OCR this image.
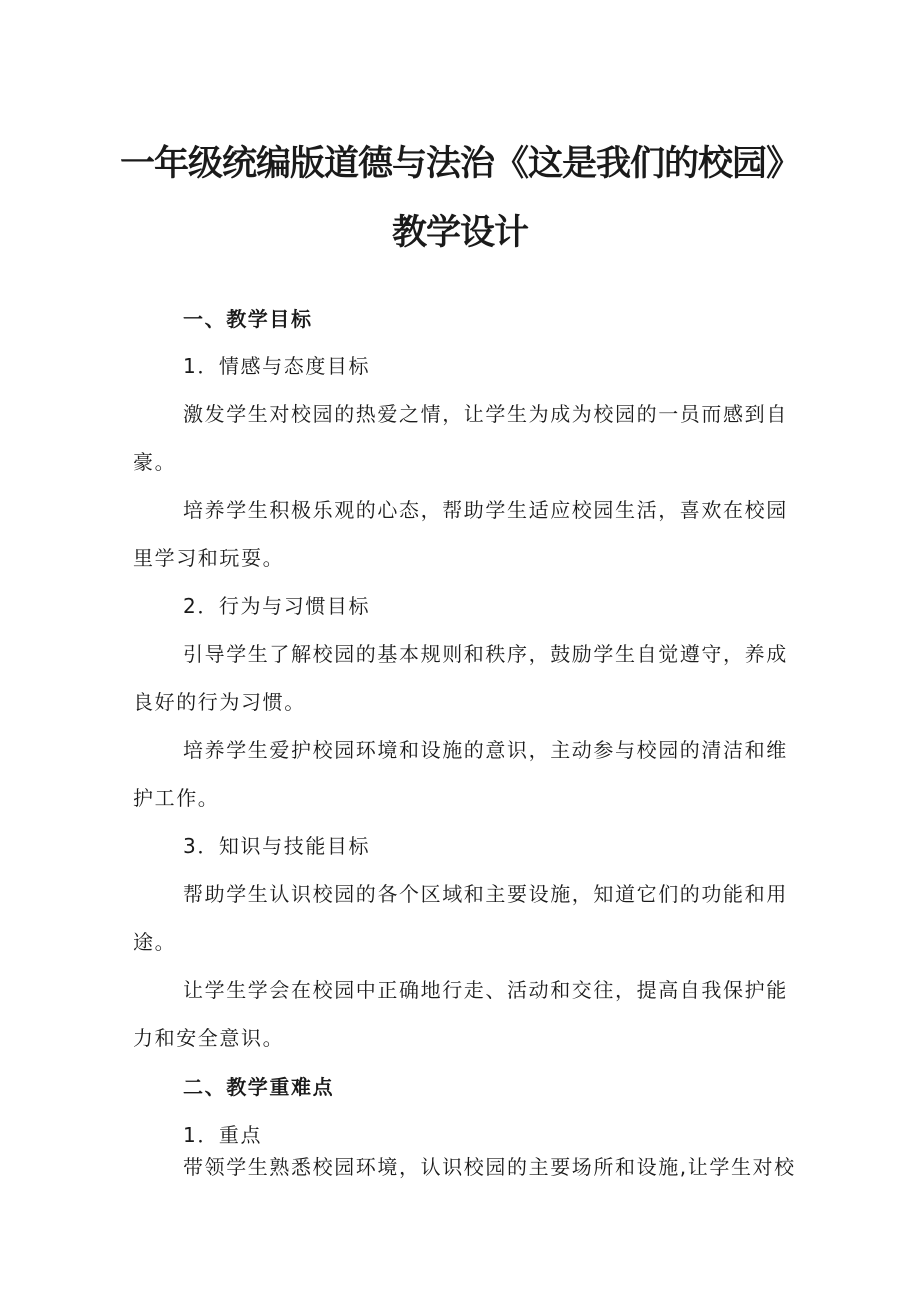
一年级统编版道德与法治《这是我们的校园》
教学设计
一、教学目标
1．情感与态度目标
激发学生对校园的热爱之情，让学生为成为校园的一员而感到自
豪。
培养学生积极乐观的心态，帮助学生适应校园生活，喜欢在校园
里学习和玩耍。
2．行为与习惯目标
引导学生了解校园的基本规则和秩序，鼓励学生自觉遵守，养成
良好的行为习惯。
培养学生爱护校园环境和设施的意识，主动参与校园的清洁和维
护工作。
3．知识与技能目标
帮助学生认识校园的各个区域和主要设施，知道它们的功能和用
途。
让学生学会在校园中正确地行走、活动和交往，提高自我保护能
力和安全意识。
二、教学重难点
1．重点
带领学生熟悉校园环境，认识校园的主要场所和设施,让学生对校
